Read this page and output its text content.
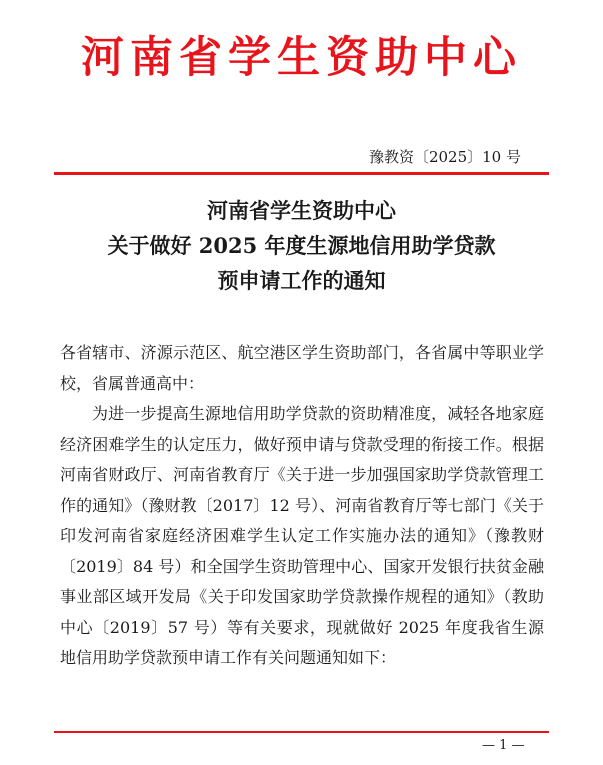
河南省学生资助中心
豫教资〔2025〕10 号
河南省学生资助中心
关于做好 2025 年度生源地信用助学贷款
预申请工作的通知

各省辖市、济源示范区、航空港区学生资助部门，各省属中等职业学校，省属普通高中：

为进一步提高生源地信用助学贷款的资助精准度，减轻各地家庭经济困难学生的认定压力，做好预申请与贷款受理的衔接工作。根据河南省财政厅、河南省教育厅《关于进一步加强国家助学贷款管理工作的通知》（豫财教〔2017〕12 号）、河南省教育厅等七部门《关于印发河南省家庭经济困难学生认定工作实施办法的通知》（豫教财〔2019〕84 号）和全国学生资助管理中心、国家开发银行扶贫金融事业部区域开发局《关于印发国家助学贷款操作规程的通知》（教助中心〔2019〕57 号）等有关要求，现就做好 2025 年度我省生源地信用助学贷款预申请工作有关问题通知如下：

— 1 —
